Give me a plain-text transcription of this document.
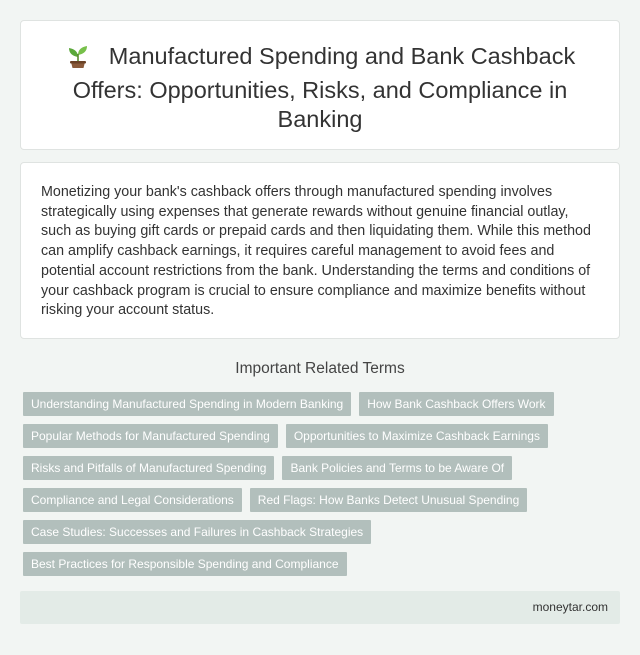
Manufactured Spending and Bank Cashback Offers: Opportunities, Risks, and Compliance in Banking

Monetizing your bank's cashback offers through manufactured spending involves strategically using expenses that generate rewards without genuine financial outlay, such as buying gift cards or prepaid cards and then liquidating them. While this method can amplify cashback earnings, it requires careful management to avoid fees and potential account restrictions from the bank. Understanding the terms and conditions of your cashback program is crucial to ensure compliance and maximize benefits without risking your account status.

Important Related Terms
Understanding Manufactured Spending in Modern Banking	How Bank Cashback Offers Work
Popular Methods for Manufactured Spending	Opportunities to Maximize Cashback Earnings
Risks and Pitfalls of Manufactured Spending	Bank Policies and Terms to be Aware Of
Compliance and Legal Considerations	Red Flags: How Banks Detect Unusual Spending
Case Studies: Successes and Failures in Cashback Strategies
Best Practices for Responsible Spending and Compliance
moneytar.com
